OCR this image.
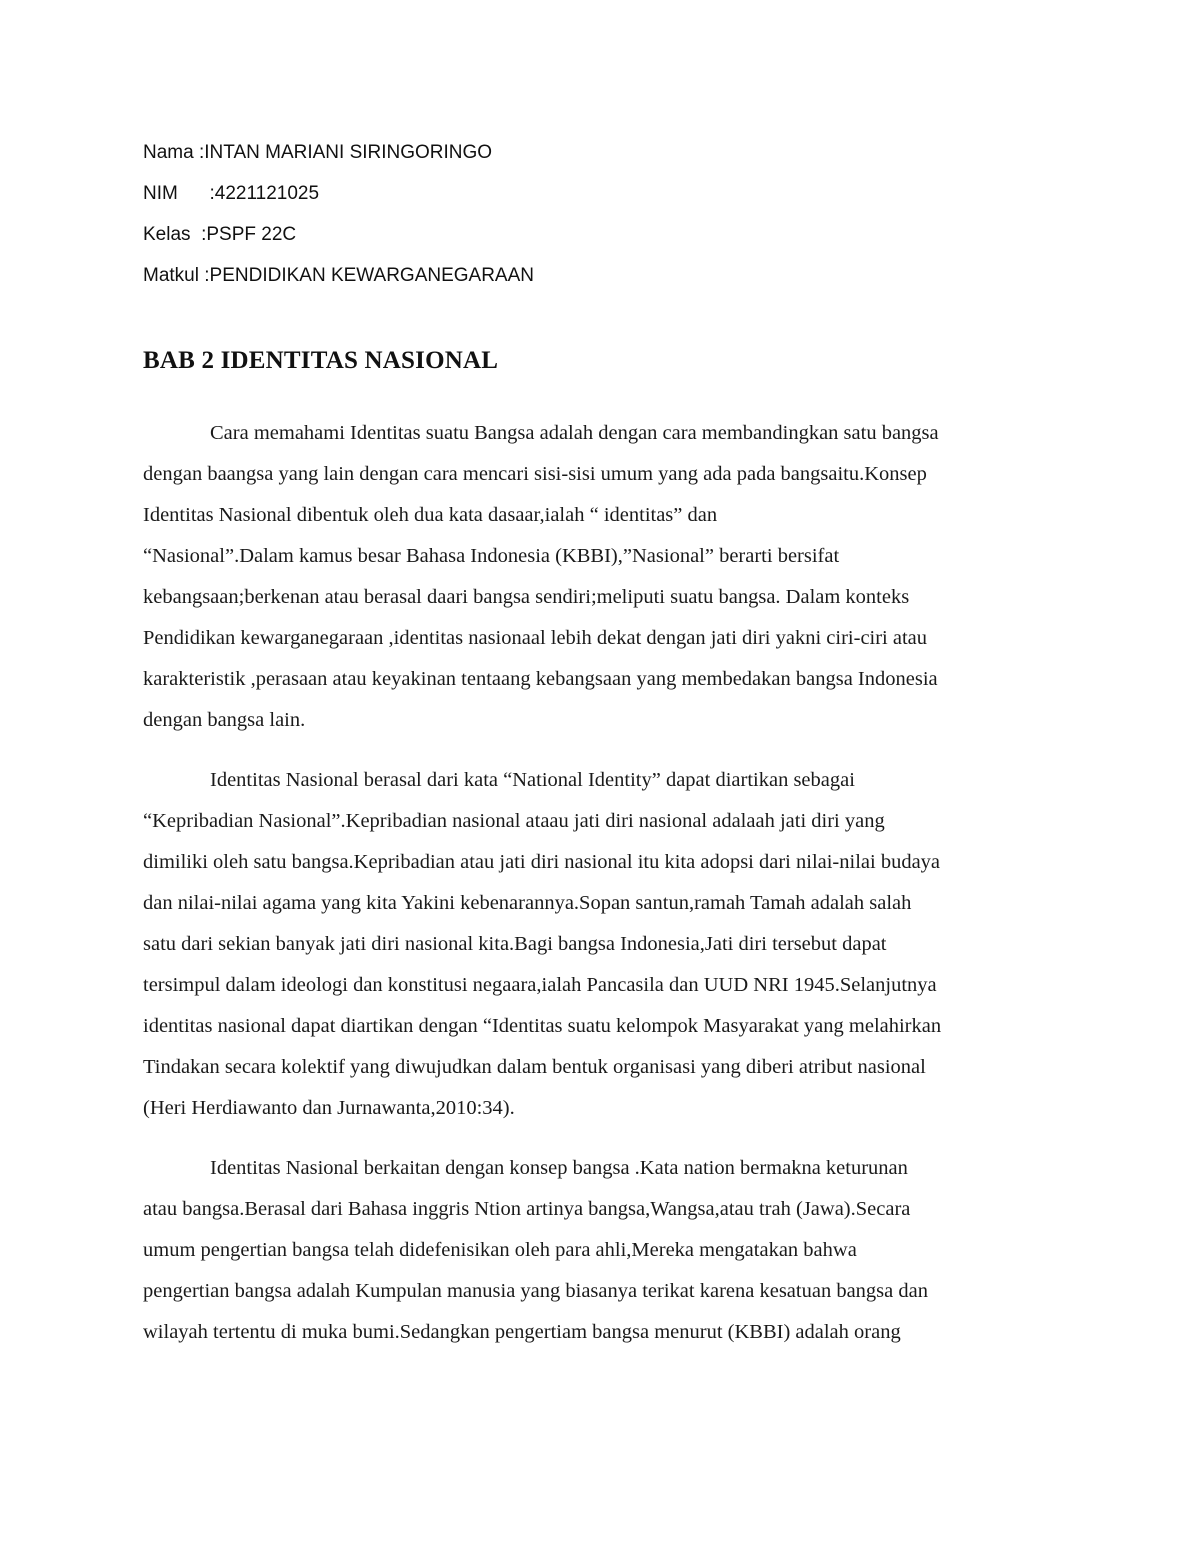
Nama :INTAN MARIANI SIRINGORINGO
NIM      :4221121025
Kelas  :PSPF 22C
Matkul :PENDIDIKAN KEWARGANEGARAAN
BAB 2 IDENTITAS NASIONAL

Cara memahami Identitas suatu Bangsa adalah dengan cara membandingkan satu bangsa
dengan baangsa yang lain dengan cara mencari sisi-sisi umum yang ada pada bangsaitu.Konsep
Identitas Nasional dibentuk oleh dua kata dasaar,ialah “ identitas” dan
“Nasional”.Dalam kamus besar Bahasa Indonesia (KBBI),”Nasional” berarti bersifat
kebangsaan;berkenan atau berasal daari bangsa sendiri;meliputi suatu bangsa. Dalam konteks
Pendidikan kewarganegaraan ,identitas nasionaal lebih dekat dengan jati diri yakni ciri-ciri atau
karakteristik ,perasaan atau keyakinan tentaang kebangsaan yang membedakan bangsa Indonesia
dengan bangsa lain.

Identitas Nasional berasal dari kata “National Identity” dapat diartikan sebagai
“Kepribadian Nasional”.Kepribadian nasional ataau jati diri nasional adalaah jati diri yang
dimiliki oleh satu bangsa.Kepribadian atau jati diri nasional itu kita adopsi dari nilai-nilai budaya
dan nilai-nilai agama yang kita Yakini kebenarannya.Sopan santun,ramah Tamah adalah salah
satu dari sekian banyak jati diri nasional kita.Bagi bangsa Indonesia,Jati diri tersebut dapat
tersimpul dalam ideologi dan konstitusi negaara,ialah Pancasila dan UUD NRI 1945.Selanjutnya
identitas nasional dapat diartikan dengan “Identitas suatu kelompok Masyarakat yang melahirkan
Tindakan secara kolektif yang diwujudkan dalam bentuk organisasi yang diberi atribut nasional
(Heri Herdiawanto dan Jurnawanta,2010:34).

Identitas Nasional berkaitan dengan konsep bangsa .Kata nation bermakna keturunan
atau bangsa.Berasal dari Bahasa inggris Ntion artinya bangsa,Wangsa,atau trah (Jawa).Secara
umum pengertian bangsa telah didefenisikan oleh para ahli,Mereka mengatakan bahwa
pengertian bangsa adalah Kumpulan manusia yang biasanya terikat karena kesatuan bangsa dan
wilayah tertentu di muka bumi.Sedangkan pengertiam bangsa menurut (KBBI) adalah orang
